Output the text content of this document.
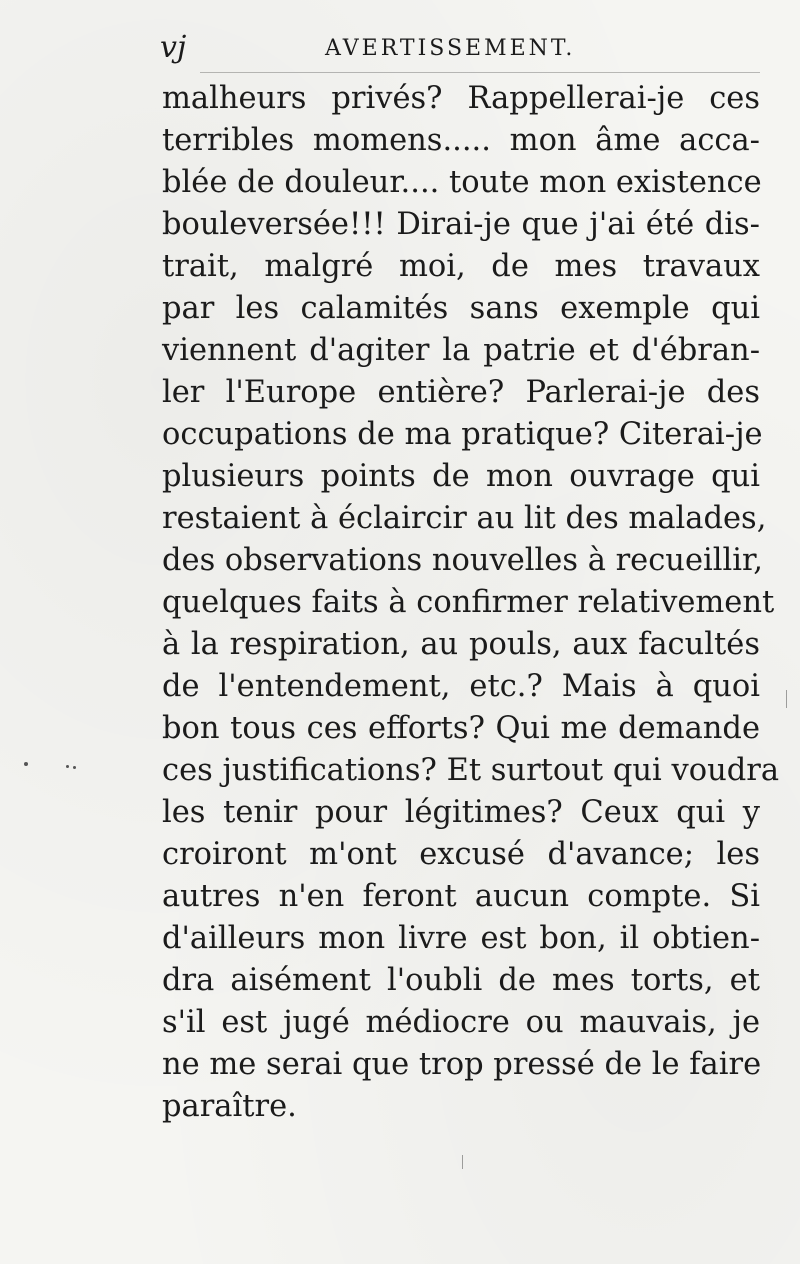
vj	AVERTISSEMENT.
malheurs privés? Rappellerai-je ces
terribles momens..... mon âme acca-
blée de douleur.... toute mon existence
bouleversée!!! Dirai-je que j'ai été dis-
trait, malgré moi, de mes travaux
par les calamités sans exemple qui
viennent d'agiter la patrie et d'ébran-
ler l'Europe entière? Parlerai-je des
occupations de ma pratique? Citerai-je
plusieurs points de mon ouvrage qui
restaient à éclaircir au lit des malades,
des observations nouvelles à recueillir,
quelques faits à confirmer relativement
à la respiration, au pouls, aux facultés
de l'entendement, etc.? Mais à quoi
bon tous ces efforts? Qui me demande
ces justifications? Et surtout qui voudra
les tenir pour légitimes? Ceux qui y
croiront m'ont excusé d'avance; les
autres n'en feront aucun compte. Si
d'ailleurs mon livre est bon, il obtien-
dra aisément l'oubli de mes torts, et
s'il est jugé médiocre ou mauvais, je
ne me serai que trop pressé de le faire
paraître.
